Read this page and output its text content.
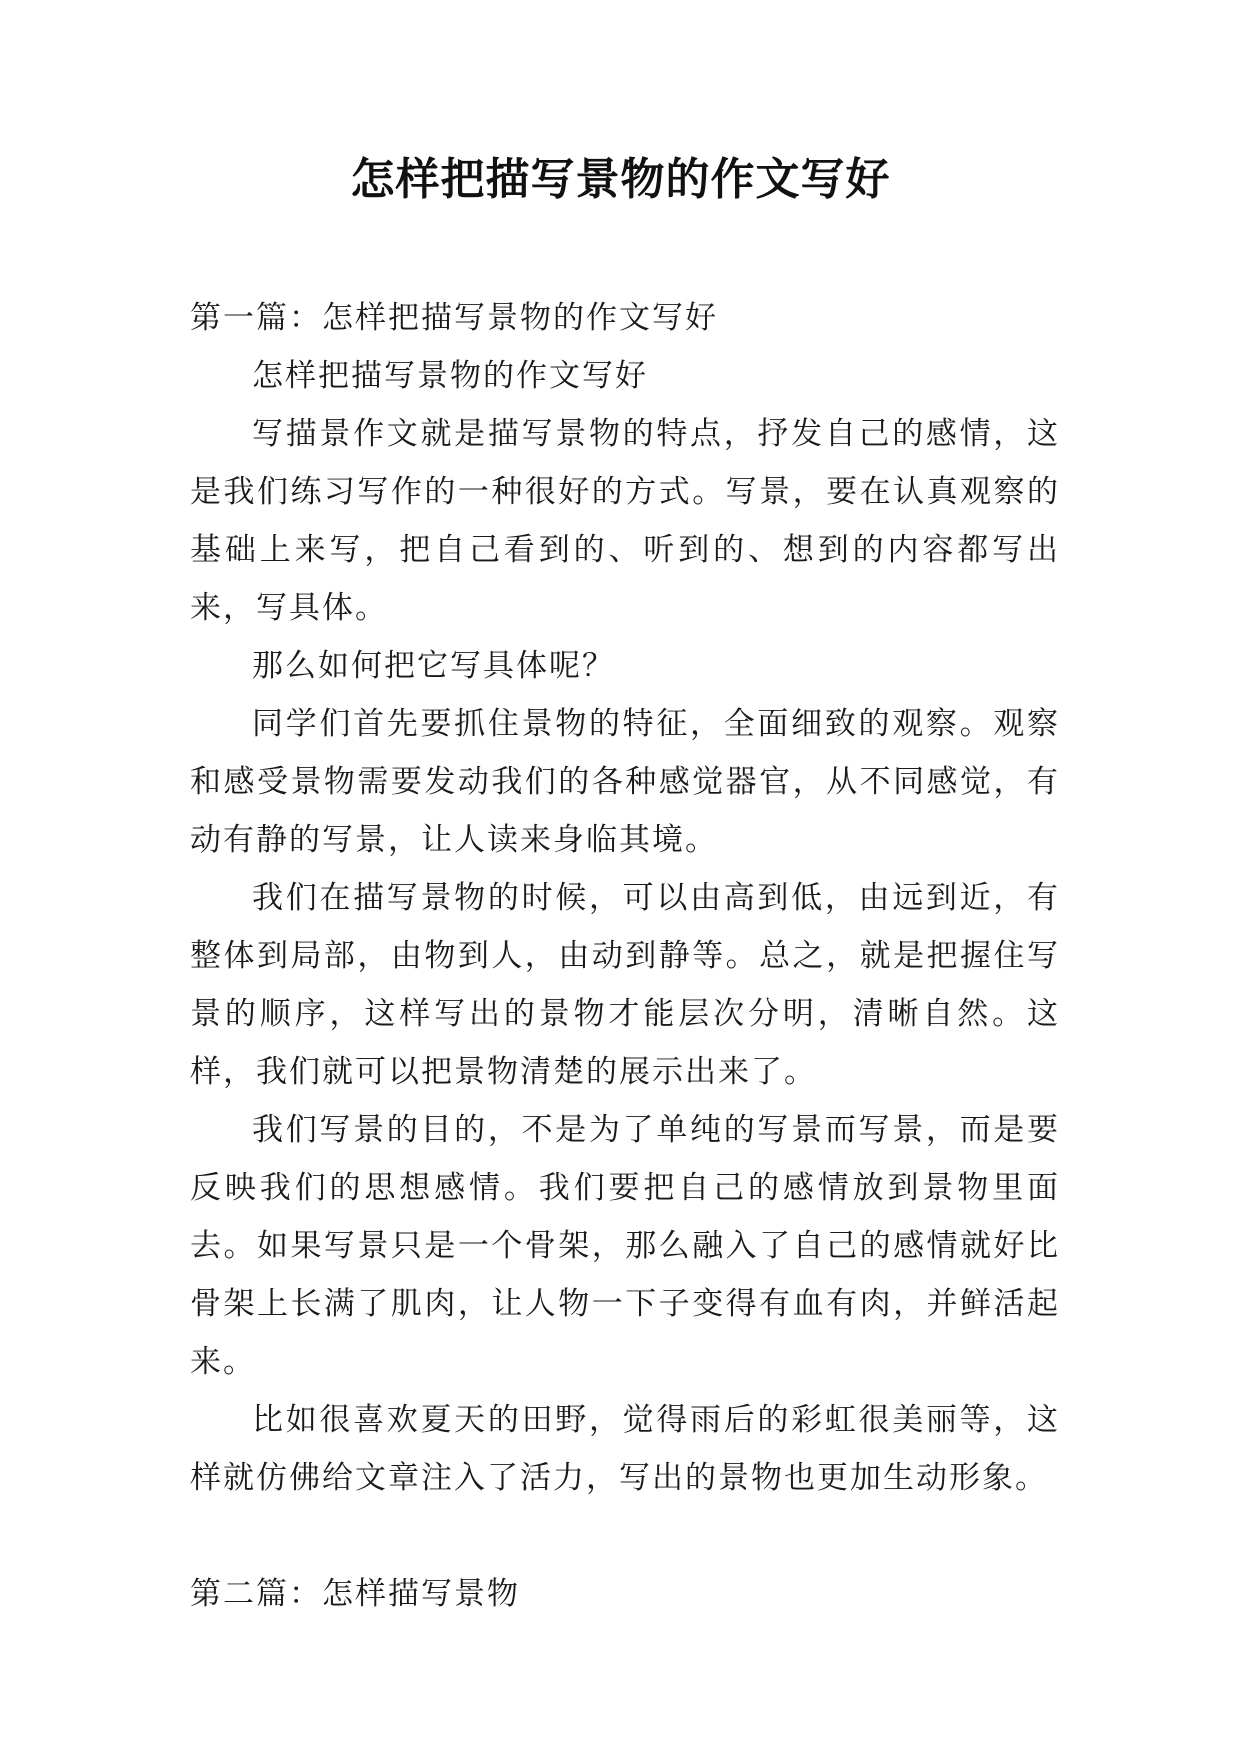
怎样把描写景物的作文写好

第一篇：怎样把描写景物的作文写好

怎样把描写景物的作文写好

写描景作文就是描写景物的特点，抒发自己的感情，这是我们练习写作的一种很好的方式。写景，要在认真观察的基础上来写，把自己看到的、听到的、想到的内容都写出来，写具体。

那么如何把它写具体呢？

同学们首先要抓住景物的特征，全面细致的观察。观察和感受景物需要发动我们的各种感觉器官，从不同感觉，有动有静的写景，让人读来身临其境。

我们在描写景物的时候，可以由高到低，由远到近，有整体到局部，由物到人，由动到静等。总之，就是把握住写景的顺序，这样写出的景物才能层次分明，清晰自然。这样，我们就可以把景物清楚的展示出来了。

我们写景的目的，不是为了单纯的写景而写景，而是要反映我们的思想感情。我们要把自己的感情放到景物里面去。如果写景只是一个骨架，那么融入了自己的感情就好比骨架上长满了肌肉，让人物一下子变得有血有肉，并鲜活起来。

比如很喜欢夏天的田野，觉得雨后的彩虹很美丽等，这样就仿佛给文章注入了活力，写出的景物也更加生动形象。

第二篇：怎样描写景物
